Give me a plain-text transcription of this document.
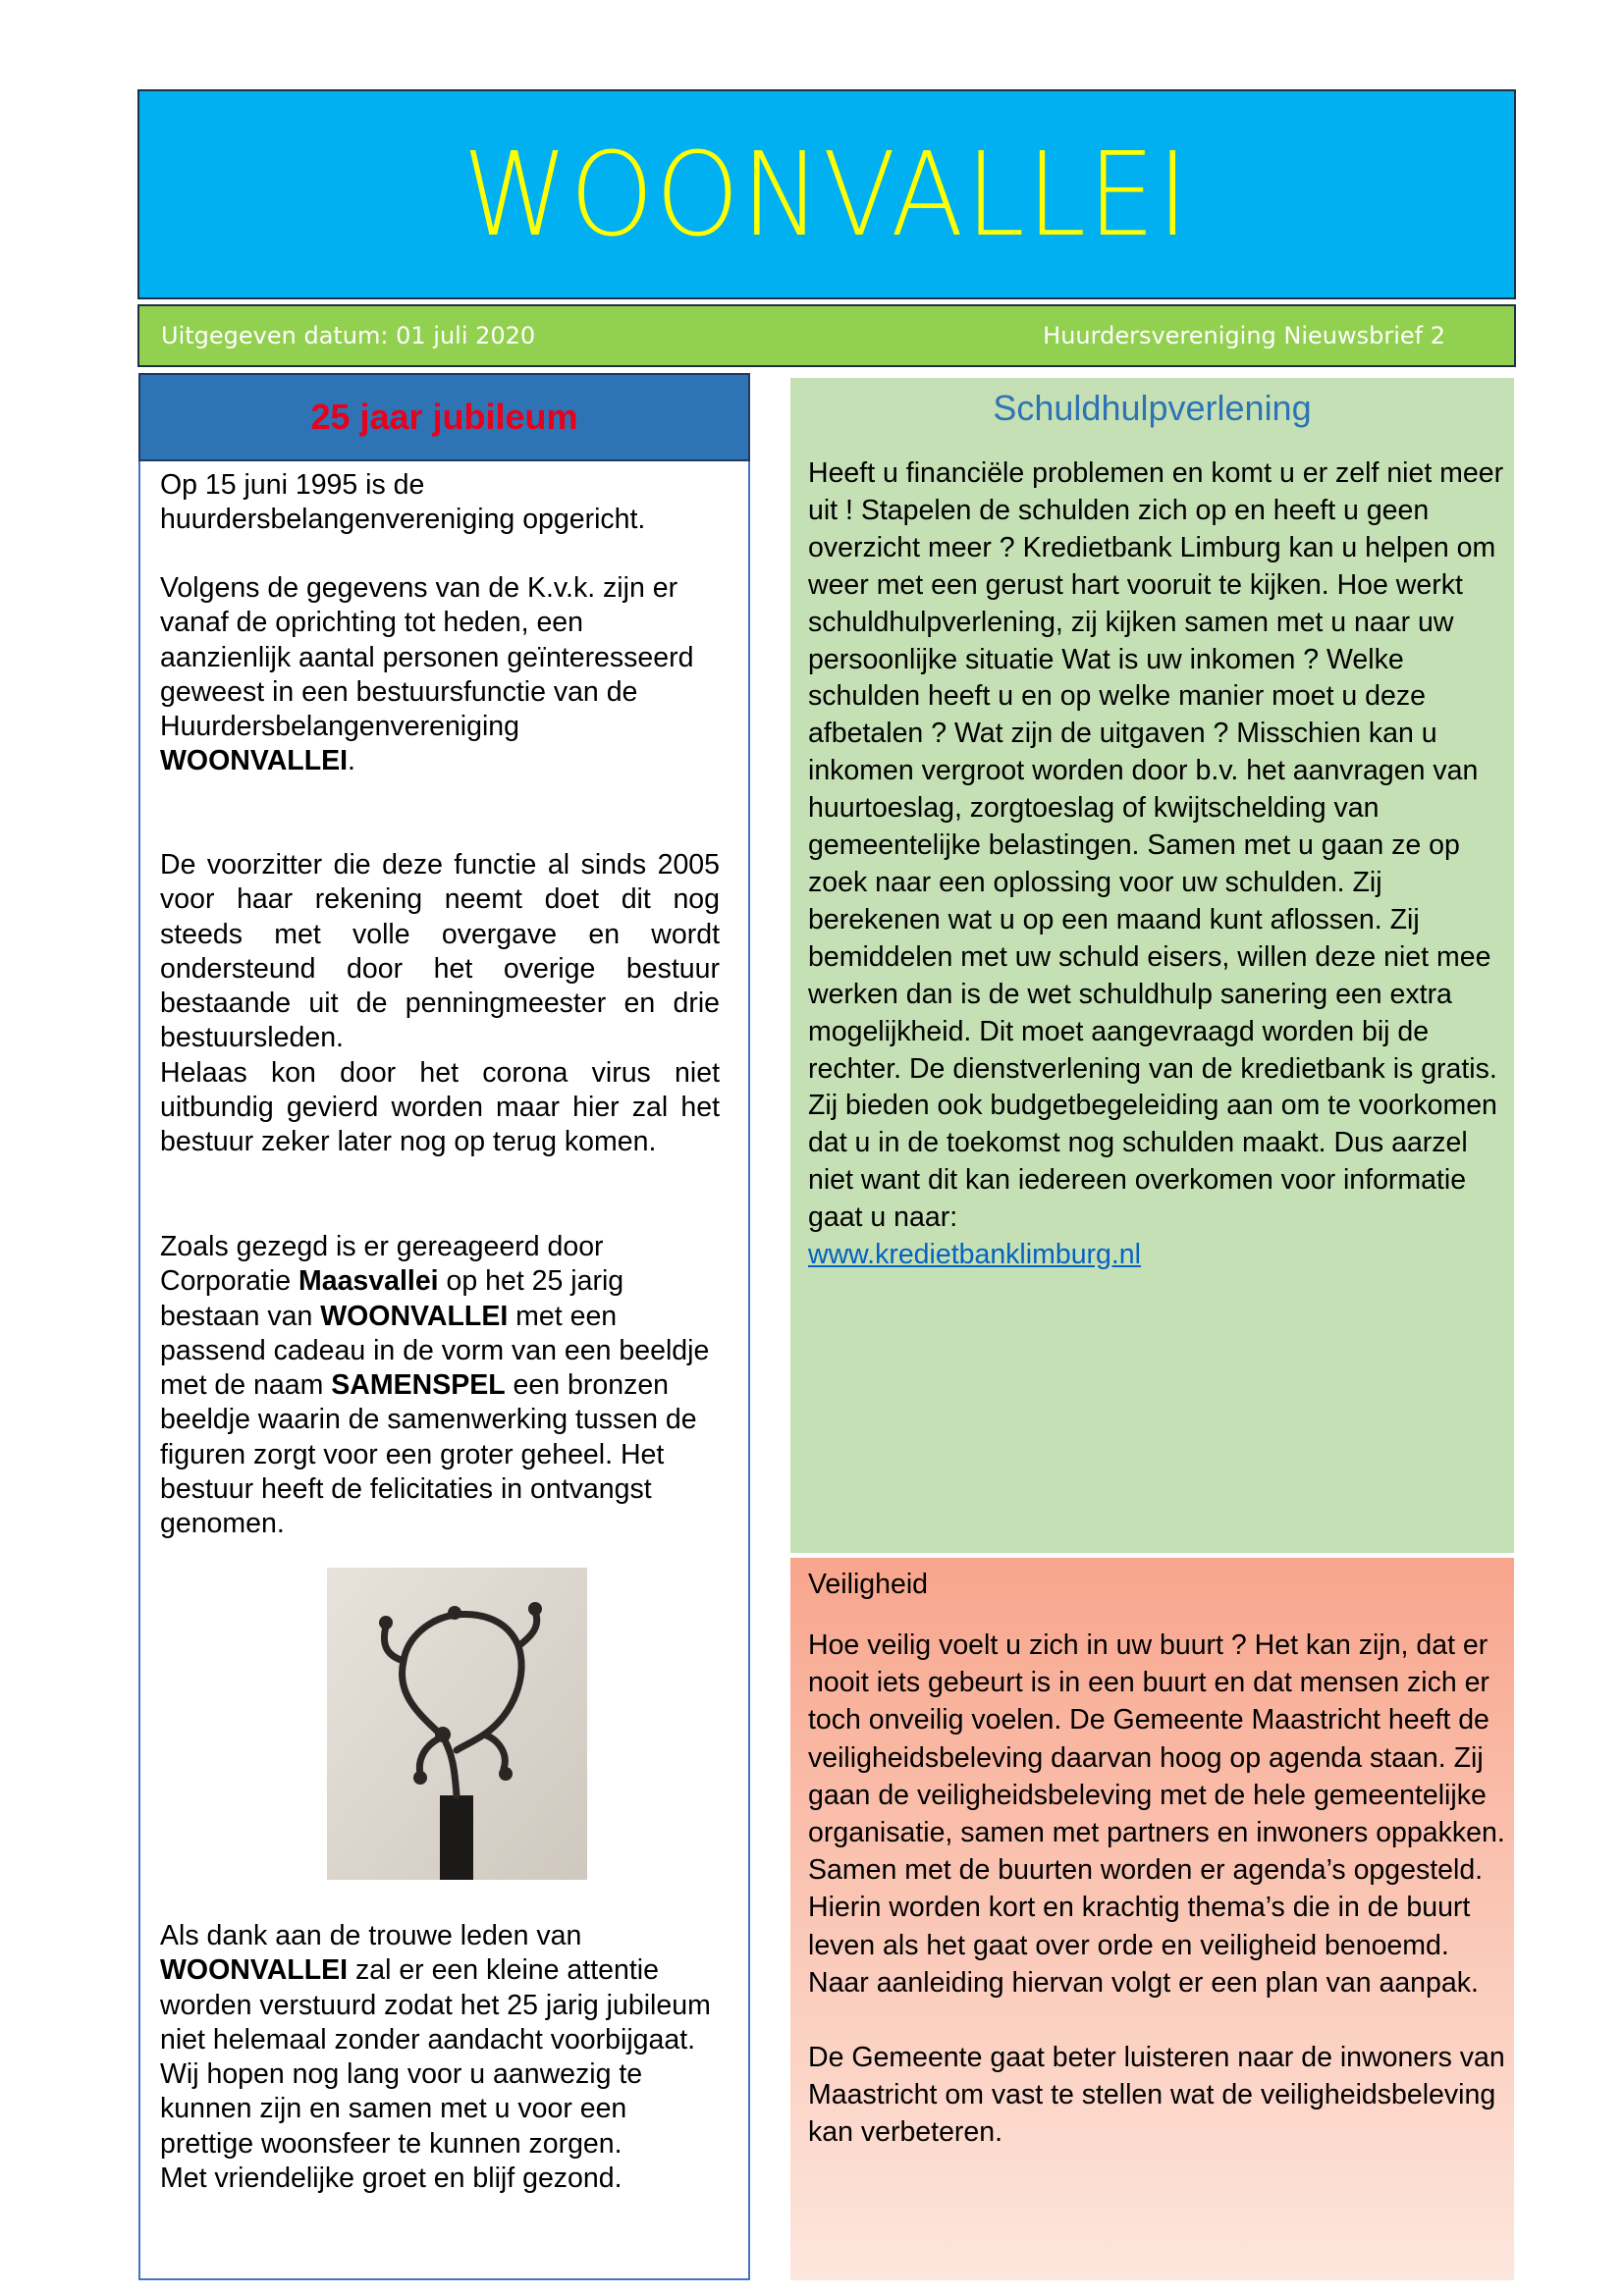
WOONVALLEI
Uitgegeven datum: 01 juli 2020	Huurdersvereniging Nieuwsbrief 2
25 jaar jubileum

Op 15 juni 1995 is de huurdersbelangenvereniging opgericht.

Volgens de gegevens van de K.v.k. zijn er vanaf de oprichting tot heden, een aanzienlijk aantal personen geïnteresseerd geweest in een bestuursfunctie van de Huurdersbelangenvereniging WOONVALLEI.

De voorzitter die deze functie al sinds 2005 voor haar rekening neemt doet dit nog steeds met volle overgave en wordt ondersteund door het overige bestuur bestaande uit de penningmeester en drie bestuursleden.

Helaas kon door het corona virus niet uitbundig gevierd worden maar hier zal het bestuur zeker later nog op terug komen.

Zoals gezegd is er gereageerd door Corporatie Maasvallei op het 25 jarig bestaan van WOONVALLEI met een passend cadeau in de vorm van een beeldje met de naam SAMENSPEL een bronzen beeldje waarin de samenwerking tussen de figuren zorgt voor een groter geheel. Het bestuur heeft de felicitaties in ontvangst genomen.

Als dank aan de trouwe leden van WOONVALLEI zal er een kleine attentie worden verstuurd zodat het 25 jarig jubileum niet helemaal zonder aandacht voorbijgaat.

Wij hopen nog lang voor u aanwezig te kunnen zijn en samen met u voor een prettige woonsfeer te kunnen zorgen.

Met vriendelijke groet en blijf gezond.

Schuldhulpverlening

Heeft u financiële problemen en komt u er zelf niet meer uit ! Stapelen de schulden zich op en heeft u geen overzicht meer ? Kredietbank Limburg kan u helpen om weer met een gerust hart vooruit te kijken. Hoe werkt schuldhulpverlening, zij kijken samen met u naar uw persoonlijke situatie Wat is uw inkomen ? Welke schulden heeft u en op welke manier moet u deze afbetalen ? Wat zijn de uitgaven ? Misschien kan u inkomen vergroot worden door b.v. het aanvragen van huurtoeslag, zorgtoeslag of kwijtschelding van gemeentelijke belastingen. Samen met u gaan ze op zoek naar een oplossing voor uw schulden. Zij berekenen wat u op een maand kunt aflossen. Zij bemiddelen met uw schuld eisers, willen deze niet mee werken dan is de wet schuldhulp sanering een extra mogelijkheid. Dit moet aangevraagd worden bij de rechter. De dienstverlening van de kredietbank is gratis. Zij bieden ook budgetbegeleiding aan om te voorkomen dat u in de toekomst nog schulden maakt. Dus aarzel niet want dit kan iedereen overkomen voor informatie gaat u naar:

www.kredietbanklimburg.nl

Veiligheid

Hoe veilig voelt u zich in uw buurt ? Het kan zijn, dat er nooit iets gebeurt is in een buurt en dat mensen zich er toch onveilig voelen. De Gemeente Maastricht heeft de veiligheidsbeleving daarvan hoog op agenda staan. Zij gaan de veiligheidsbeleving met de hele gemeentelijke organisatie, samen met partners en inwoners oppakken. Samen met de buurten worden er agenda’s opgesteld. Hierin worden kort en krachtig thema’s die in de buurt leven als het gaat over orde en veiligheid benoemd. Naar aanleiding hiervan volgt er een plan van aanpak.

De Gemeente gaat beter luisteren naar de inwoners van Maastricht om vast te stellen wat de veiligheidsbeleving kan verbeteren.
